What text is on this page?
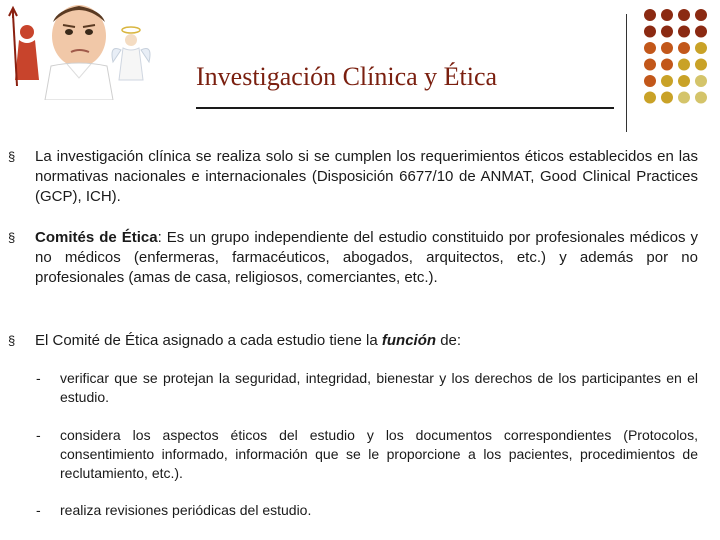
Investigación Clínica y Ética
§ La investigación clínica se realiza solo si se cumplen los requerimientos éticos establecidos en las normativas nacionales e internacionales (Disposición 6677/10 de ANMAT, Good Clinical Practices (GCP), ICH).
§ Comités de Ética: Es un grupo independiente del estudio constituido por profesionales médicos y no médicos (enfermeras, farmacéuticos, abogados, arquitectos, etc.) y además por no profesionales (amas de casa, religiosos, comerciantes, etc.).
§ El Comité de Ética asignado a cada estudio tiene la función de:
- verificar que se protejan la seguridad, integridad, bienestar y los derechos de los participantes en el estudio.
- considera los aspectos éticos del estudio y los documentos correspondientes (Protocolos, consentimiento informado, información que se le proporcione a los pacientes, procedimientos de reclutamiento, etc.).
- realiza revisiones periódicas del estudio.
